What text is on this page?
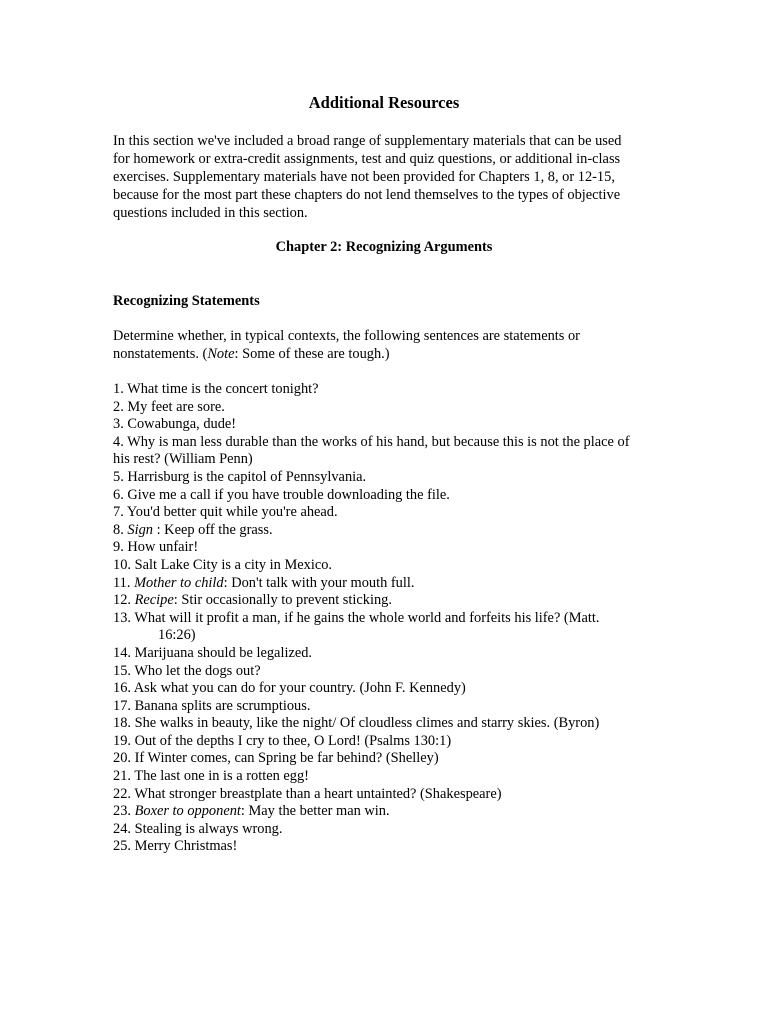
Additional Resources
In this section we've included a broad range of supplementary materials that can be used
for homework or extra-credit assignments, test and quiz questions, or additional in-class
exercises. Supplementary materials have not been provided for Chapters 1, 8, or 12-15,
because for the most part these chapters do not lend themselves to the types of objective
questions included in this section.
Chapter 2: Recognizing Arguments
Recognizing Statements
Determine whether, in typical contexts, the following sentences are statements or
nonstatements. (Note: Some of these are tough.)
1. What time is the concert tonight?
2. My feet are sore.
3. Cowabunga, dude!
4. Why is man less durable than the works of his hand, but because this is not the place of
his rest? (William Penn)
5. Harrisburg is the capitol of Pennsylvania.
6. Give me a call if you have trouble downloading the file.
7. You'd better quit while you're ahead.
8. Sign : Keep off the grass.
9. How unfair!
10. Salt Lake City is a city in Mexico.
11. Mother to child: Don't talk with your mouth full.
12. Recipe: Stir occasionally to prevent sticking.
13. What will it profit a man, if he gains the whole world and forfeits his life? (Matt.
16:26)
14. Marijuana should be legalized.
15. Who let the dogs out?
16. Ask what you can do for your country. (John F. Kennedy)
17. Banana splits are scrumptious.
18. She walks in beauty, like the night/ Of cloudless climes and starry skies. (Byron)
19. Out of the depths I cry to thee, O Lord! (Psalms 130:1)
20. If Winter comes, can Spring be far behind? (Shelley)
21. The last one in is a rotten egg!
22. What stronger breastplate than a heart untainted? (Shakespeare)
23. Boxer to opponent: May the better man win.
24. Stealing is always wrong.
25. Merry Christmas!
